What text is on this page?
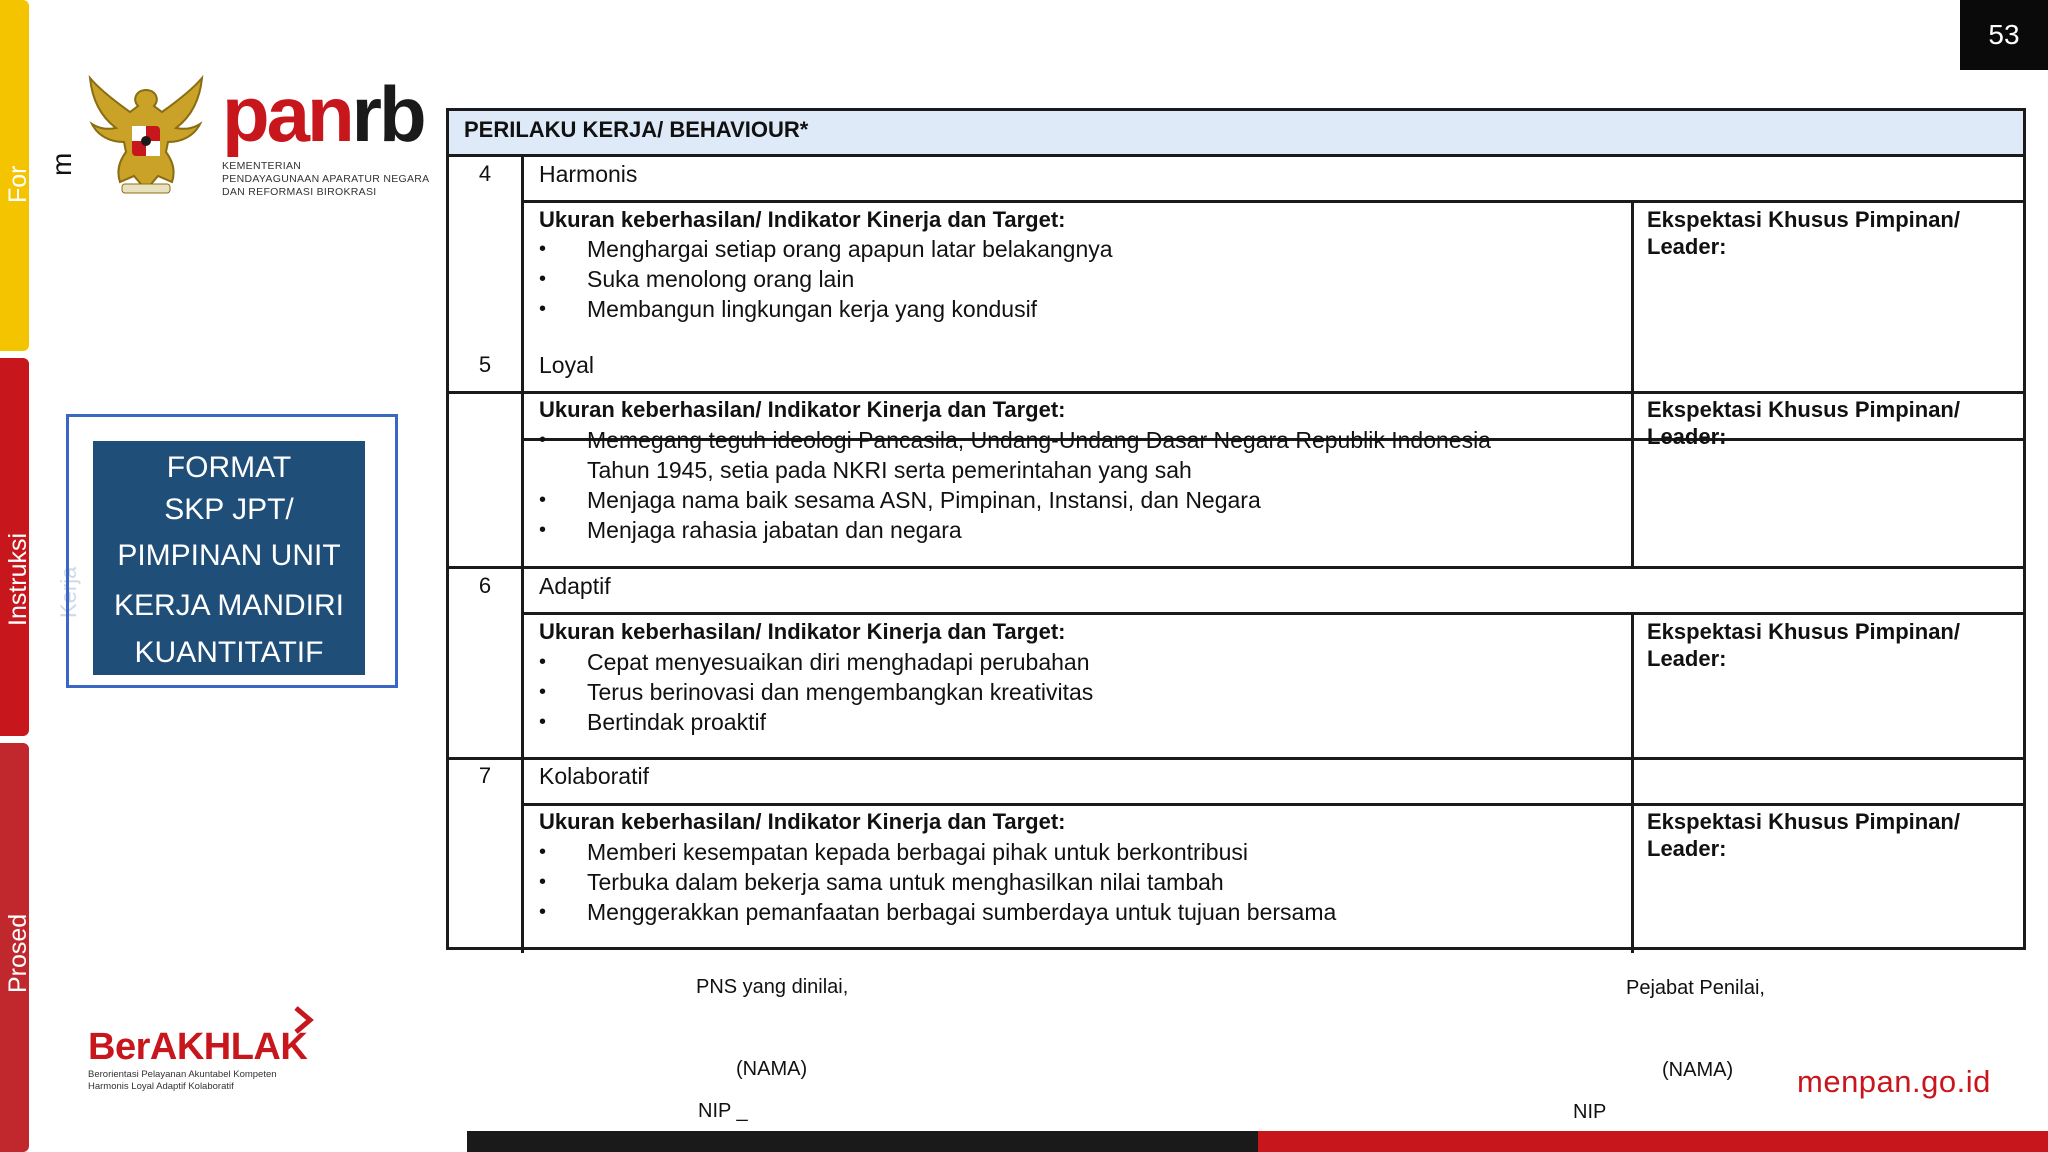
For
Instruksi
Prosed
m
Kerja
53
panrb
KEMENTERIAN
PENDAYAGUNAAN APARATUR NEGARA
DAN REFORMASI BIROKRASI
FORMAT
SKP JPT/
PIMPINAN UNIT
KERJA MANDIRI
KUANTITATIF
PERILAKU KERJA/ BEHAVIOUR*
4	Harmonis
Ukuran keberhasilan/ Indikator Kinerja dan Target:
• Menghargai setiap orang apapun latar belakangnya
• Suka menolong orang lain
• Membangun lingkungan kerja yang kondusif
Ekspektasi Khusus Pimpinan/
Leader:
5	Loyal
Ukuran keberhasilan/ Indikator Kinerja dan Target:
• Memegang teguh ideologi Pancasila, Undang-Undang Dasar Negara Republik Indonesia Tahun 1945, setia pada NKRI serta pemerintahan yang sah
• Menjaga nama baik sesama ASN, Pimpinan, Instansi, dan Negara
• Menjaga rahasia jabatan dan negara
Ekspektasi Khusus Pimpinan/
Leader:
6	Adaptif
Ukuran keberhasilan/ Indikator Kinerja dan Target:
• Cepat menyesuaikan diri menghadapi perubahan
• Terus berinovasi dan mengembangkan kreativitas
• Bertindak proaktif
Ekspektasi Khusus Pimpinan/
Leader:
7	Kolaboratif
Ukuran keberhasilan/ Indikator Kinerja dan Target:
• Memberi kesempatan kepada berbagai pihak untuk berkontribusi
• Terbuka dalam bekerja sama untuk menghasilkan nilai tambah
• Menggerakkan pemanfaatan berbagai sumberdaya untuk tujuan bersama
Ekspektasi Khusus Pimpinan/
Leader:
PNS yang dinilai,
(NAMA)
NIP _
Pejabat Penilai,
(NAMA)
NIP
BerAKHLAK
Berorientasi Pelayanan Akuntabel Kompeten
Harmonis Loyal Adaptif Kolaboratif	menpan.go.id
